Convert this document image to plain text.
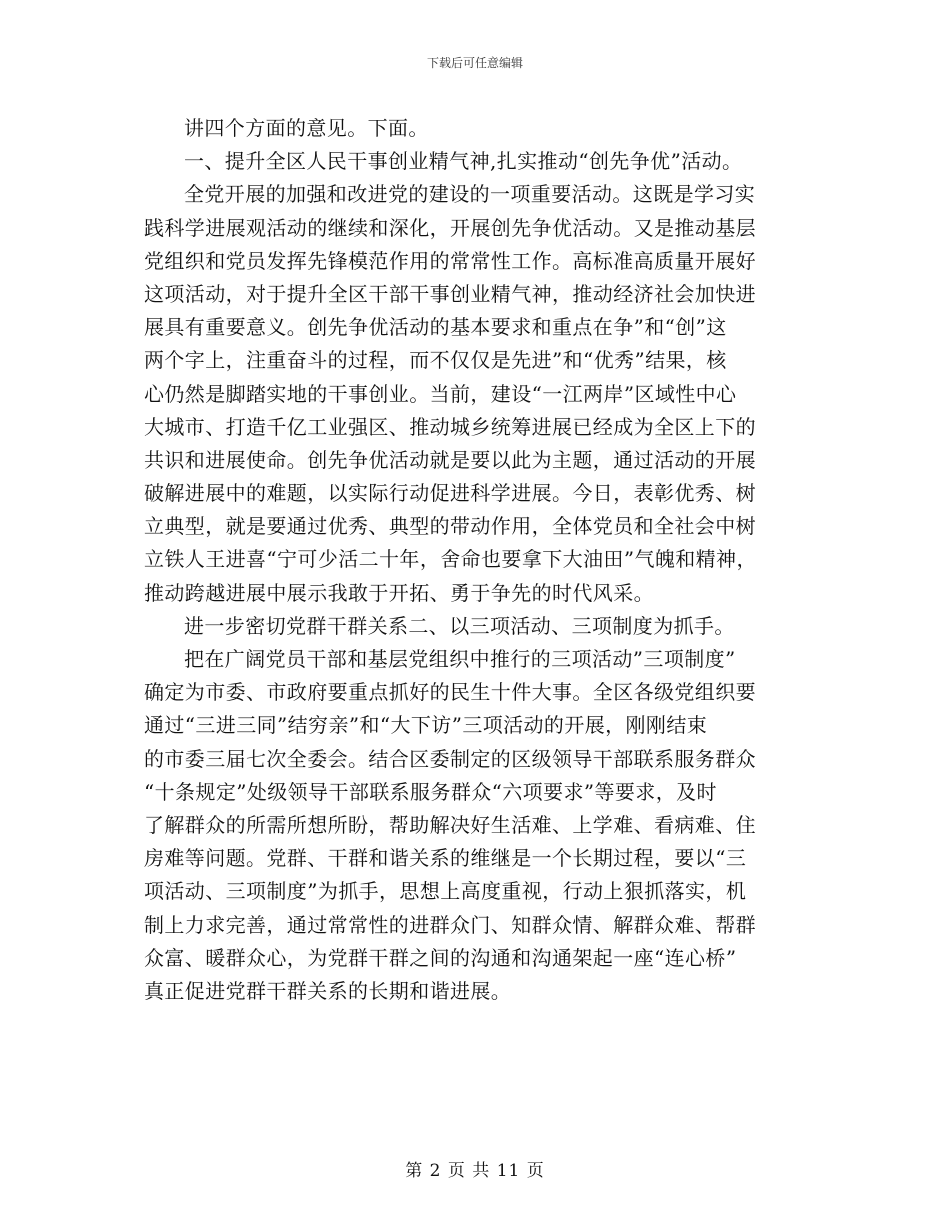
下载后可任意编辑
讲四个方面的意见。下面。
一、提升全区人民干事创业精气神,扎实推动“创先争优”活动。
全党开展的加强和改进党的建设的一项重要活动。这既是学习实
践科学进展观活动的继续和深化，开展创先争优活动。又是推动基层
党组织和党员发挥先锋模范作用的常常性工作。高标准高质量开展好
这项活动，对于提升全区干部干事创业精气神，推动经济社会加快进
展具有重要意义。创先争优活动的基本要求和重点在争”和“创”这
两个字上，注重奋斗的过程，而不仅仅是先进”和“优秀”结果，核
心仍然是脚踏实地的干事创业。当前，建设“一江两岸”区域性中心
大城市、打造千亿工业强区、推动城乡统筹进展已经成为全区上下的
共识和进展使命。创先争优活动就是要以此为主题，通过活动的开展
破解进展中的难题，以实际行动促进科学进展。今日，表彰优秀、树
立典型，就是要通过优秀、典型的带动作用，全体党员和全社会中树
立铁人王进喜“宁可少活二十年，舍命也要拿下大油田”气魄和精神，
推动跨越进展中展示我敢于开拓、勇于争先的时代风采。
进一步密切党群干群关系二、以三项活动、三项制度为抓手。
把在广阔党员干部和基层党组织中推行的三项活动”三项制度”
确定为市委、市政府要重点抓好的民生十件大事。全区各级党组织要
通过“三进三同”结穷亲”和“大下访”三项活动的开展，刚刚结束
的市委三届七次全委会。结合区委制定的区级领导干部联系服务群众
“十条规定”处级领导干部联系服务群众“六项要求”等要求，及时
了解群众的所需所想所盼，帮助解决好生活难、上学难、看病难、住
房难等问题。党群、干群和谐关系的维继是一个长期过程，要以“三
项活动、三项制度”为抓手，思想上高度重视，行动上狠抓落实，机
制上力求完善，通过常常性的进群众门、知群众情、解群众难、帮群
众富、暖群众心，为党群干群之间的沟通和沟通架起一座“连心桥”
真正促进党群干群关系的长期和谐进展。
第 2 页 共 11 页
